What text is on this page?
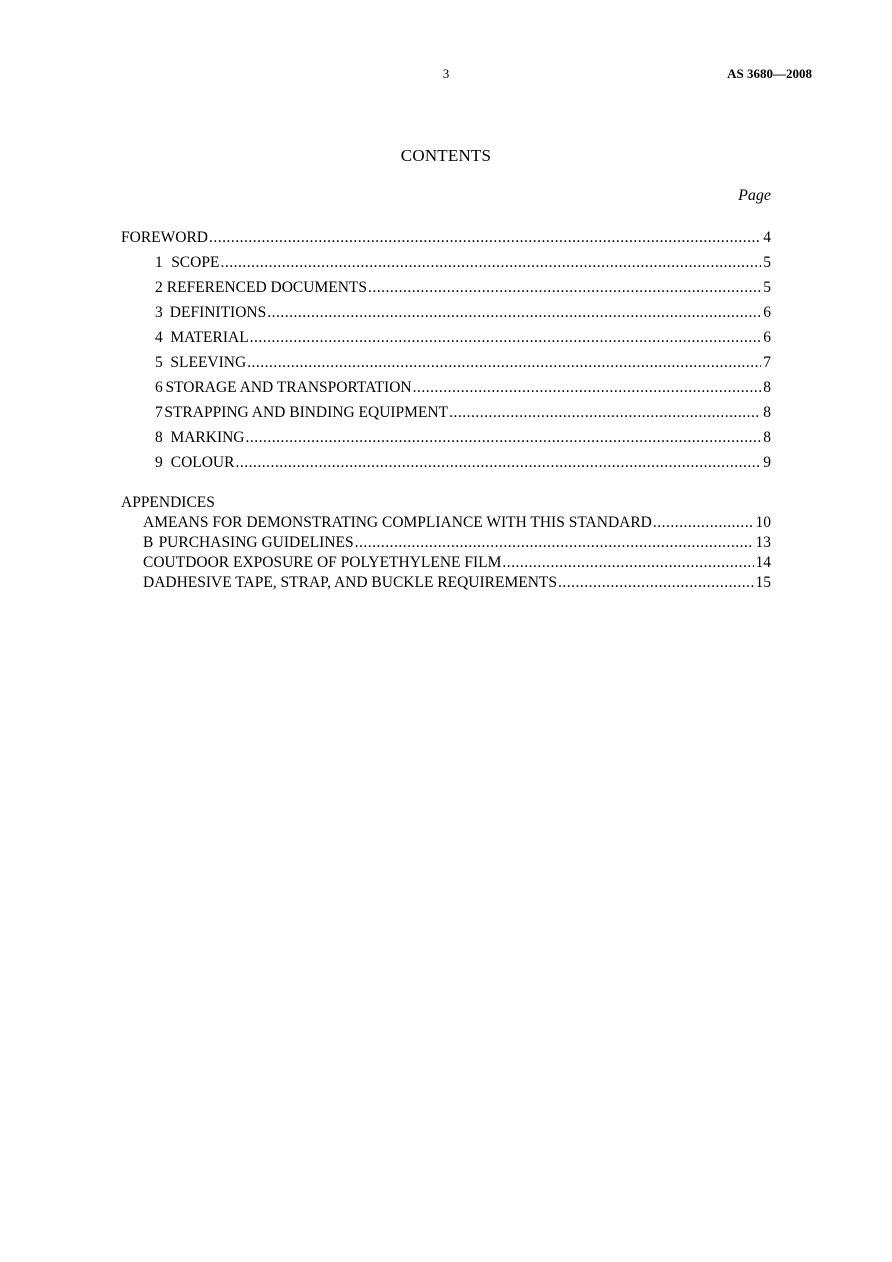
3	AS 3680—2008
CONTENTS
Page
FOREWORD .....	4
1 SCOPE .....	5
2 REFERENCED DOCUMENTS .....	5
3 DEFINITIONS .....	6
4 MATERIAL .....	6
5 SLEEVING .....	7
6 STORAGE AND TRANSPORTATION .....	8
7 STRAPPING AND BINDING EQUIPMENT .....	8
8 MARKING .....	8
9 COLOUR .....	9
APPENDICES
A MEANS FOR DEMONSTRATING COMPLIANCE WITH THIS STANDARD .....	10
B PURCHASING GUIDELINES .....	13
C OUTDOOR EXPOSURE OF POLYETHYLENE FILM .....	14
D ADHESIVE TAPE, STRAP, AND BUCKLE REQUIREMENTS .....	15
